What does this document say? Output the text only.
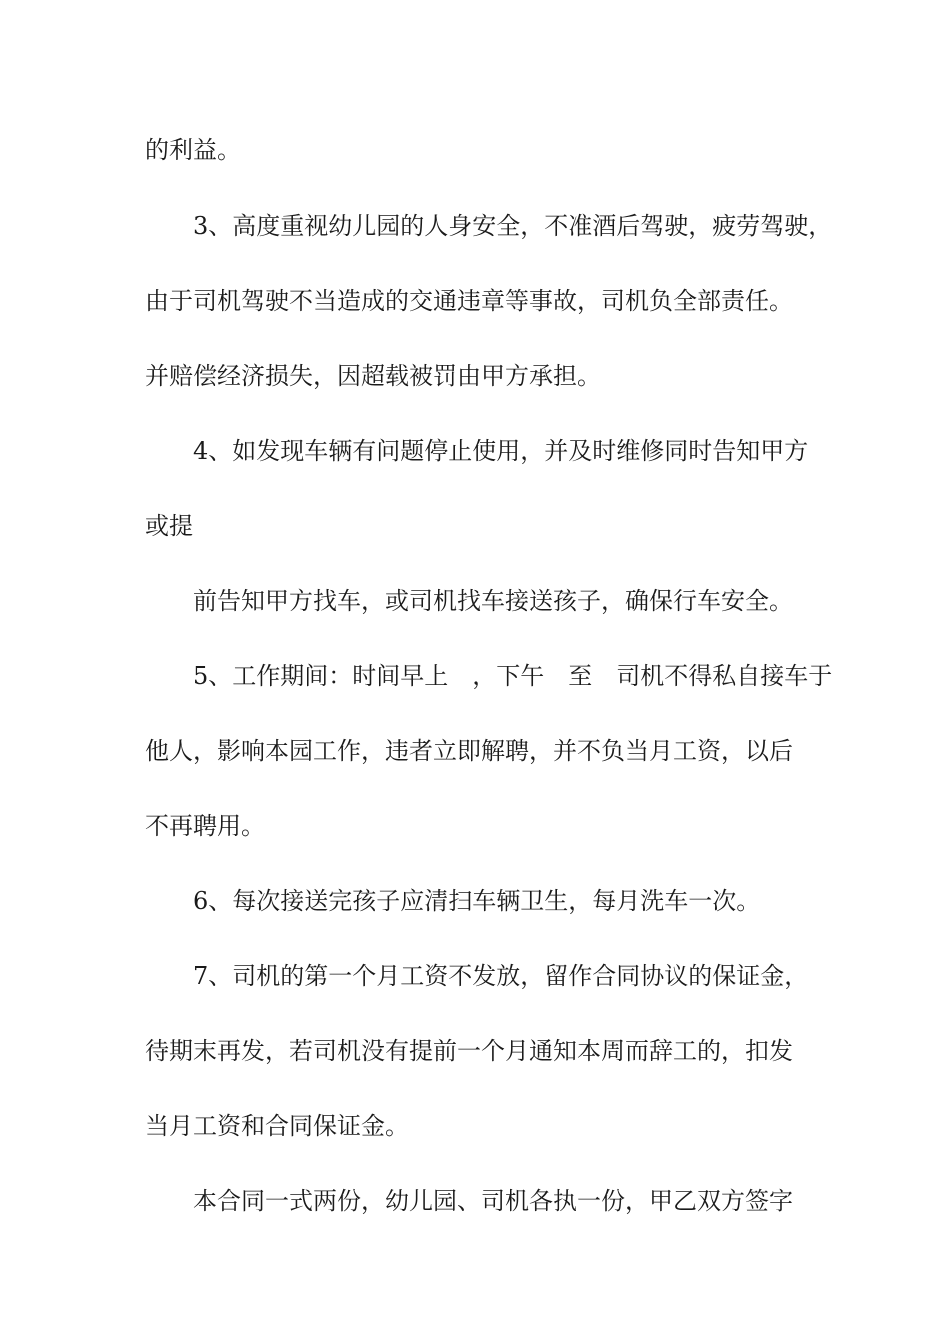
的利益。

3、高度重视幼儿园的人身安全，不准酒后驾驶，疲劳驾驶，

由于司机驾驶不当造成的交通违章等事故，司机负全部责任。

并赔偿经济损失，因超载被罚由甲方承担。

4、如发现车辆有问题停止使用，并及时维修同时告知甲方

或提

前告知甲方找车，或司机找车接送孩子，确保行车安全。

5、工作期间：时间早上　，下午　至　司机不得私自接车于

他人，影响本园工作，违者立即解聘，并不负当月工资，以后

不再聘用。

6、每次接送完孩子应清扫车辆卫生，每月洗车一次。

7、司机的第一个月工资不发放，留作合同协议的保证金，

待期末再发，若司机没有提前一个月通知本周而辞工的，扣发

当月工资和合同保证金。

本合同一式两份，幼儿园、司机各执一份，甲乙双方签字
